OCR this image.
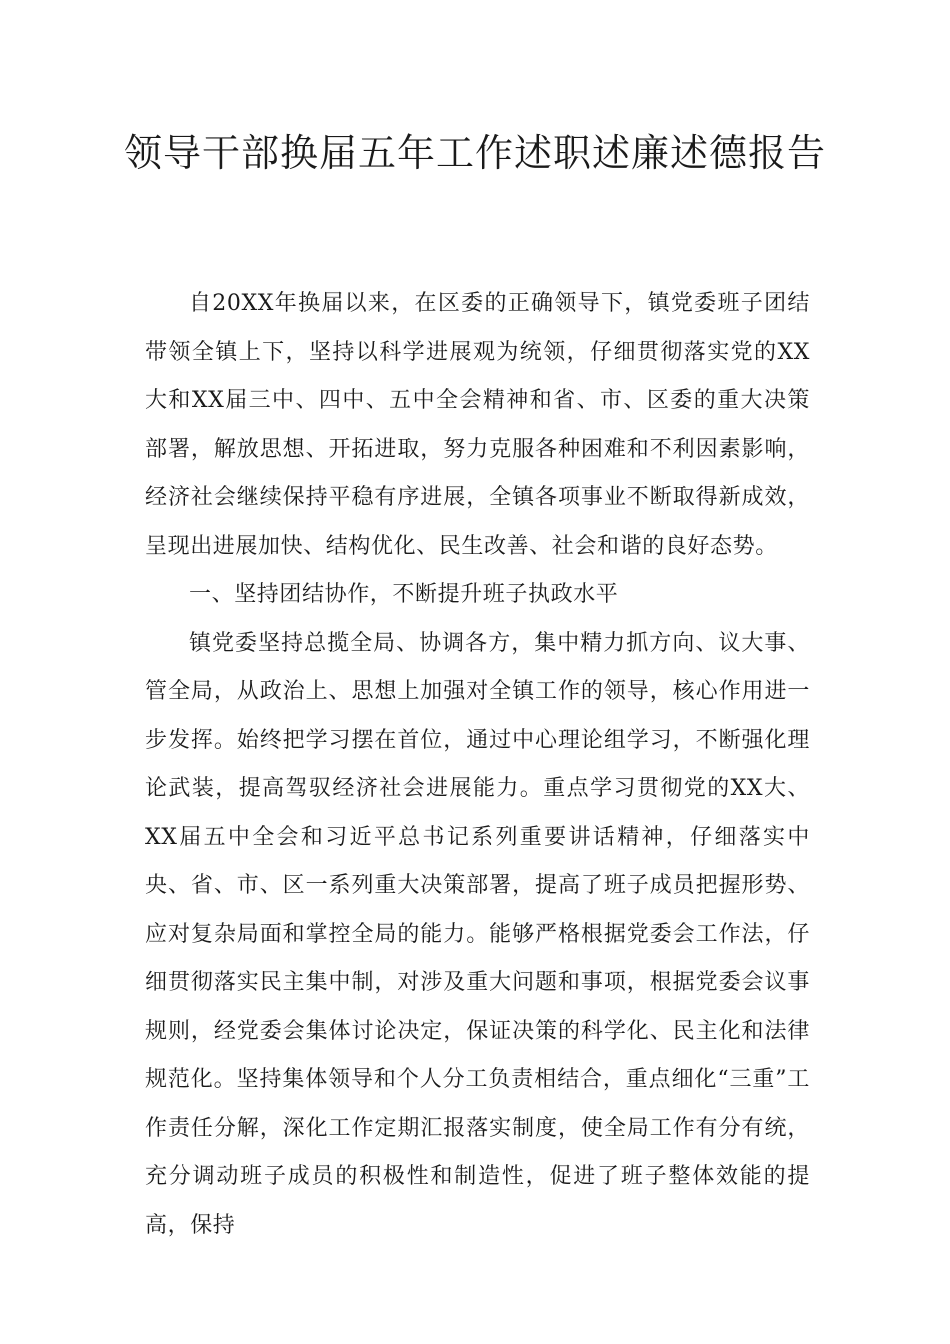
领导干部换届五年工作述职述廉述德报告

自20XX年换届以来，在区委的正确领导下，镇党委班子团结带领全镇上下，坚持以科学进展观为统领，仔细贯彻落实党的XX大和XX届三中、四中、五中全会精神和省、市、区委的重大决策部署，解放思想、开拓进取，努力克服各种困难和不利因素影响，经济社会继续保持平稳有序进展，全镇各项事业不断取得新成效，呈现出进展加快、结构优化、民生改善、社会和谐的良好态势。

一、坚持团结协作，不断提升班子执政水平

镇党委坚持总揽全局、协调各方，集中精力抓方向、议大事、管全局，从政治上、思想上加强对全镇工作的领导，核心作用进一步发挥。始终把学习摆在首位，通过中心理论组学习，不断强化理论武装，提高驾驭经济社会进展能力。重点学习贯彻党的XX大、XX届五中全会和习近平总书记系列重要讲话精神，仔细落实中央、省、市、区一系列重大决策部署，提高了班子成员把握形势、应对复杂局面和掌控全局的能力。能够严格根据党委会工作法，仔细贯彻落实民主集中制，对涉及重大问题和事项，根据党委会议事规则，经党委会集体讨论决定，保证决策的科学化、民主化和法律规范化。坚持集体领导和个人分工负责相结合，重点细化“三重”工作责任分解，深化工作定期汇报落实制度，使全局工作有分有统，充分调动班子成员的积极性和制造性，促进了班子整体效能的提高，保持
